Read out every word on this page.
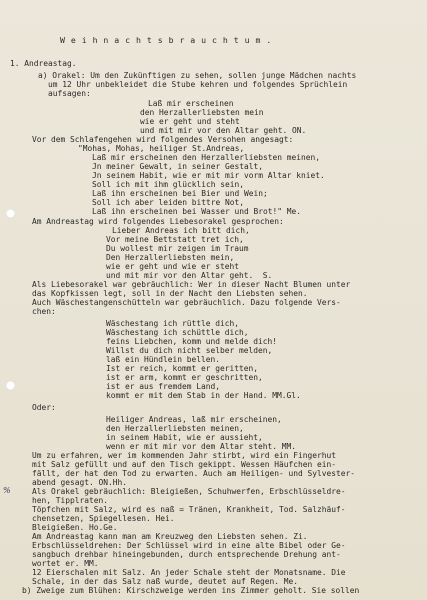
W e i h n a c h t s b r a u c h t u m .
%
1. Andreastag.
a) Orakel: Um den Zukünftigen zu sehen, sollen junge Mädchen nachts
um 12 Uhr unbekleidet die Stube kehren und folgendes Sprüchlein
aufsagen:
Laß mir erscheinen
den Herzallerliebsten mein
wie er geht und steht
und mit mir vor den Altar geht. ON.
Vor dem Schlafengehen wird folgendes Versohen angesagt:
"Mohas, Mohas, heiliger St.Andreas,
Laß mir erscheinen den Herzallerliebsten meinen,
Jn meiner Gewalt, in seiner Gestalt,
Jn seinem Habit, wie er mit mir vorm Altar kniet.
Soll ich mit ihm glücklich sein,
Laß ihn erscheinen bei Bier und Wein;
Soll ich aber leiden bittre Not,
Laß ihn erscheinen bei Wasser und Brot!" Me.
Am Andreastag wird folgendes Liebesorakel gesprochen:
Lieber Andreas ich bitt dich,
Vor meine Bettstatt tret ich,
Du wollest mir zeigen im Traum
Den Herzallerliebsten mein,
wie er geht und wie er steht
und mit mir vor den Altar geht.  S.
Als Liebesorakel war gebräuchlich: Wer in dieser Nacht Blumen unter
das Kopfkissen legt, soll in der Nacht den Liebsten sehen.
Auch Wäschestangenschütteln war gebräuchlich. Dazu folgende Vers-
chen:
Wäschestang ich rüttle dich,
Wäschestang ich schüttle dich,
feins Liebchen, komm und melde dich!
Willst du dich nicht selber melden,
laß ein Hündlein bellen.
Ist er reich, kommt er geritten,
ist er arm, kommt er geschritten,
ist er aus fremdem Land,
kommt er mit dem Stab in der Hand. MM.Gl.
Oder:
Heiliger Andreas, laß mir erscheinen,
den Herzallerliebsten meinen,
in seinem Habit, wie er aussieht,
wenn er mit mir vor dem Altar steht. MM.
Um zu erfahren, wer im kommenden Jahr stirbt, wird ein Fingerhut
mit Salz gefüllt und auf den Tisch gekippt. Wessen Häufchen ein-
fällt, der hat den Tod zu erwarten. Auch am Heiligen- und Sylvester-
abend gesagt. ON.Hh.
Als Orakel gebräuchlich: Bleigießen, Schuhwerfen, Erbschlüsseldre-
hen, Tipplraten.
Töpfchen mit Salz, wird es naß = Tränen, Krankheit, Tod. Salzhäuf-
chensetzen, Spiegellesen. Hei.
Bleigießen. Ho.Ge.
Am Andreastag kann man am Kreuzweg den Liebsten sehen. Zi.
Erbschlüsseldrehen: Der Schlüssel wird in eine alte Bibel oder Ge-
sangbuch drehbar hineingebunden, durch entsprechende Drehung ant-
wortet er. MM.
12 Eierschalen mit Salz. An jeder Schale steht der Monatsname. Die
Schale, in der das Salz naß wurde, deutet auf Regen. Me.
b) Zweige zum Blühen: Kirschzweige werden ins Zimmer geholt. Sie sollen
